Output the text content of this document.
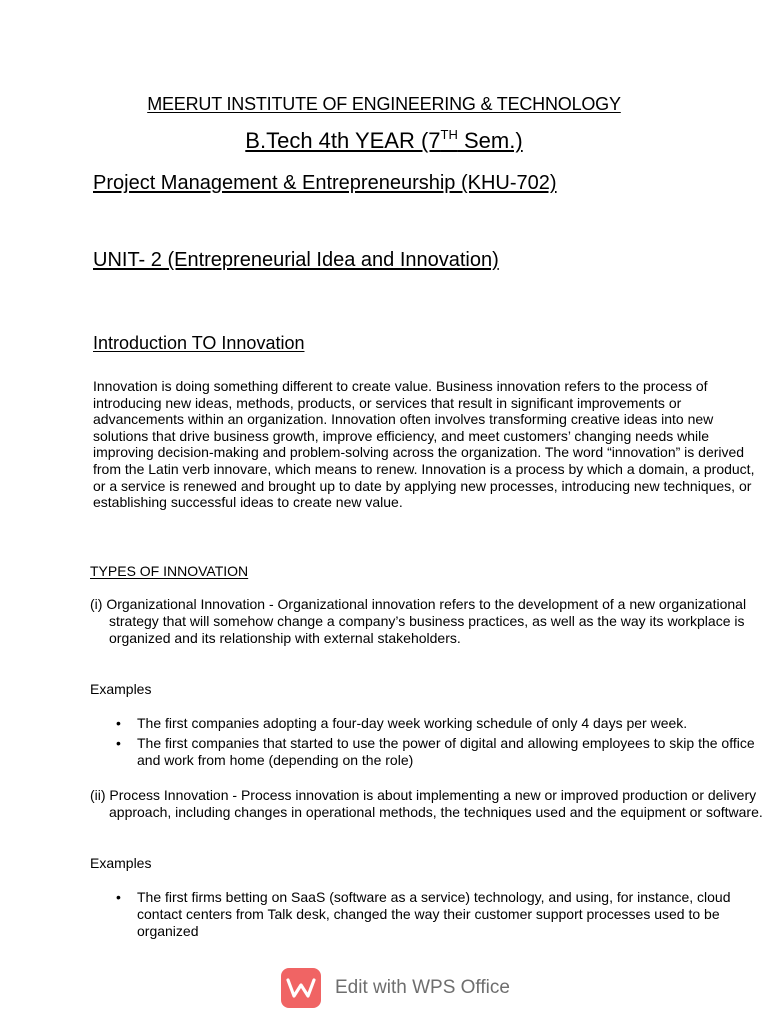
MEERUT INSTITUTE OF ENGINEERING & TECHNOLOGY
B.Tech 4th YEAR (7TH Sem.)
Project Management & Entrepreneurship (KHU-702)
UNIT- 2 (Entrepreneurial Idea and Innovation)
Introduction TO Innovation

Innovation is doing something different to create value. Business innovation refers to the process of introducing new ideas, methods, products, or services that result in significant improvements or advancements within an organization. Innovation often involves transforming creative ideas into new solutions that drive business growth, improve efficiency, and meet customers’ changing needs while improving decision-making and problem-solving across the organization. The word “innovation” is derived from the Latin verb innovare, which means to renew. Innovation is a process by which a domain, a product, or a service is renewed and brought up to date by applying new processes, introducing new techniques, or establishing successful ideas to create new value.

TYPES OF INNOVATION

(i) Organizational Innovation - Organizational innovation refers to the development of a new organizational strategy that will somehow change a company’s business practices, as well as the way its workplace is organized and its relationship with external stakeholders.

Examples
• The first companies adopting a four-day week working schedule of only 4 days per week.
• The first companies that started to use the power of digital and allowing employees to skip the office and work from home (depending on the role)

(ii) Process Innovation - Process innovation is about implementing a new or improved production or delivery approach, including changes in operational methods, the techniques used and the equipment or software.

Examples
• The first firms betting on SaaS (software as a service) technology, and using, for instance, cloud contact centers from Talk desk, changed the way their customer support processes used to be organized
Edit with WPS Office
